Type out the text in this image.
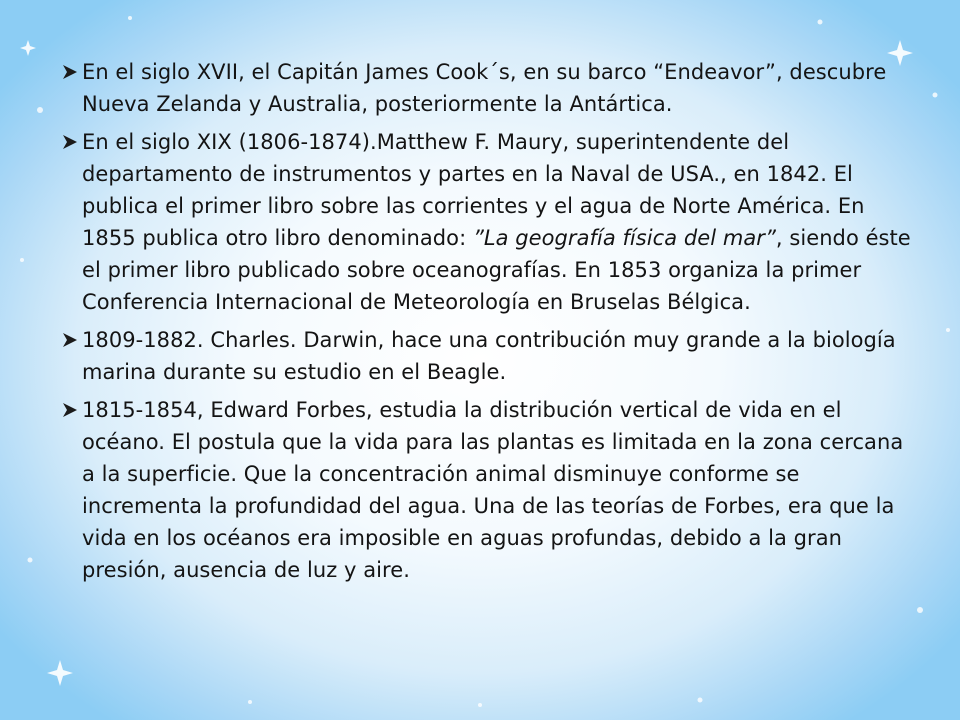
En el siglo XVII, el Capitán James Cook´s, en su barco “Endeavor”, descubre Nueva Zelanda y Australia, posteriormente la Antártica.
En el siglo XIX (1806-1874).Matthew F. Maury, superintendente del departamento de instrumentos y partes en la Naval de USA., en 1842. El publica el primer libro sobre las corrientes y el agua de Norte América. En 1855 publica otro libro denominado: ”La geografía física del mar”, siendo éste el primer libro publicado sobre oceanografías. En 1853 organiza la primer Conferencia Internacional de Meteorología en Bruselas Bélgica.
1809-1882. Charles. Darwin, hace una contribución muy grande a la biología marina durante su estudio en el Beagle.
1815-1854, Edward Forbes, estudia la distribución vertical de vida en el océano. El postula que la vida para las plantas es limitada en la zona cercana a la superficie. Que la concentración animal disminuye conforme se incrementa la profundidad del agua. Una de las teorías de Forbes, era que la vida en los océanos era imposible en aguas profundas, debido a la gran presión, ausencia de luz y aire.
